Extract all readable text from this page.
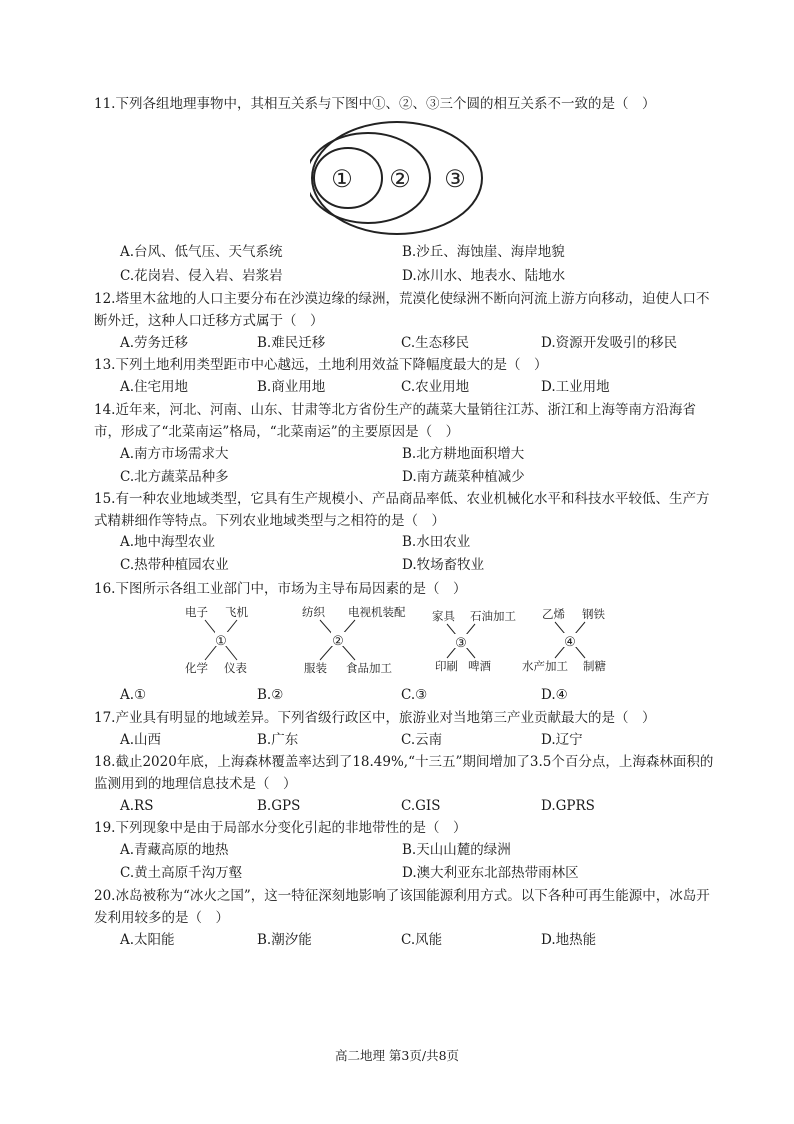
11.下列各组地理事物中，其相互关系与下图中①、②、③三个圆的相互关系不一致的是（　）

① ② ③
A.台风、低气压、天气系统	B.沙丘、海蚀崖、海岸地貌
C.花岗岩、侵入岩、岩浆岩	D.冰川水、地表水、陆地水

12.塔里木盆地的人口主要分布在沙漠边缘的绿洲，荒漠化使绿洲不断向河流上游方向移动，迫使人口不断外迁，这种人口迁移方式属于（　）

A.劳务迁移	B.难民迁移	C.生态移民	D.资源开发吸引的移民

13.下列土地利用类型距市中心越远，土地利用效益下降幅度最大的是（　）

A.住宅用地	B.商业用地	C.农业用地	D.工业用地

14.近年来，河北、河南、山东、甘肃等北方省份生产的蔬菜大量销往江苏、浙江和上海等南方沿海省市，形成了“北菜南运”格局，“北菜南运”的主要原因是（　）

A.南方市场需求大	B.北方耕地面积增大
C.北方蔬菜品种多	D.南方蔬菜种植减少

15.有一种农业地域类型，它具有生产规模小、产品商品率低、农业机械化水平和科技水平较低、生产方式精耕细作等特点。下列农业地域类型与之相符的是（　）

A.地中海型农业	B.水田农业
C.热带种植园农业	D.牧场畜牧业

16.下图所示各组工业部门中，市场为主导布局因素的是（　）

电子 飞机
①
化学 仪表
纺织 电视机装配
②
服装 食品加工
家具 石油加工
③
印刷 啤酒
乙烯 钢铁
④
水产加工 制糖
A.①	B.②	C.③	D.④

17.产业具有明显的地域差异。下列省级行政区中，旅游业对当地第三产业贡献最大的是（　）

A.山西	B.广东	C.云南	D.辽宁

18.截止2020年底，上海森林覆盖率达到了18.49%,“十三五”期间增加了3.5个百分点，上海森林面积的监测用到的地理信息技术是（　）

A.RS	B.GPS	C.GIS	D.GPRS

19.下列现象中是由于局部水分变化引起的非地带性的是（　）

A.青藏高原的地热	B.天山山麓的绿洲
C.黄土高原千沟万壑	D.澳大利亚东北部热带雨林区

20.冰岛被称为“冰火之国”，这一特征深刻地影响了该国能源利用方式。以下各种可再生能源中，冰岛开发利用较多的是（　）

A.太阳能	B.潮汐能	C.风能	D.地热能
高二地理 第3页/共8页
